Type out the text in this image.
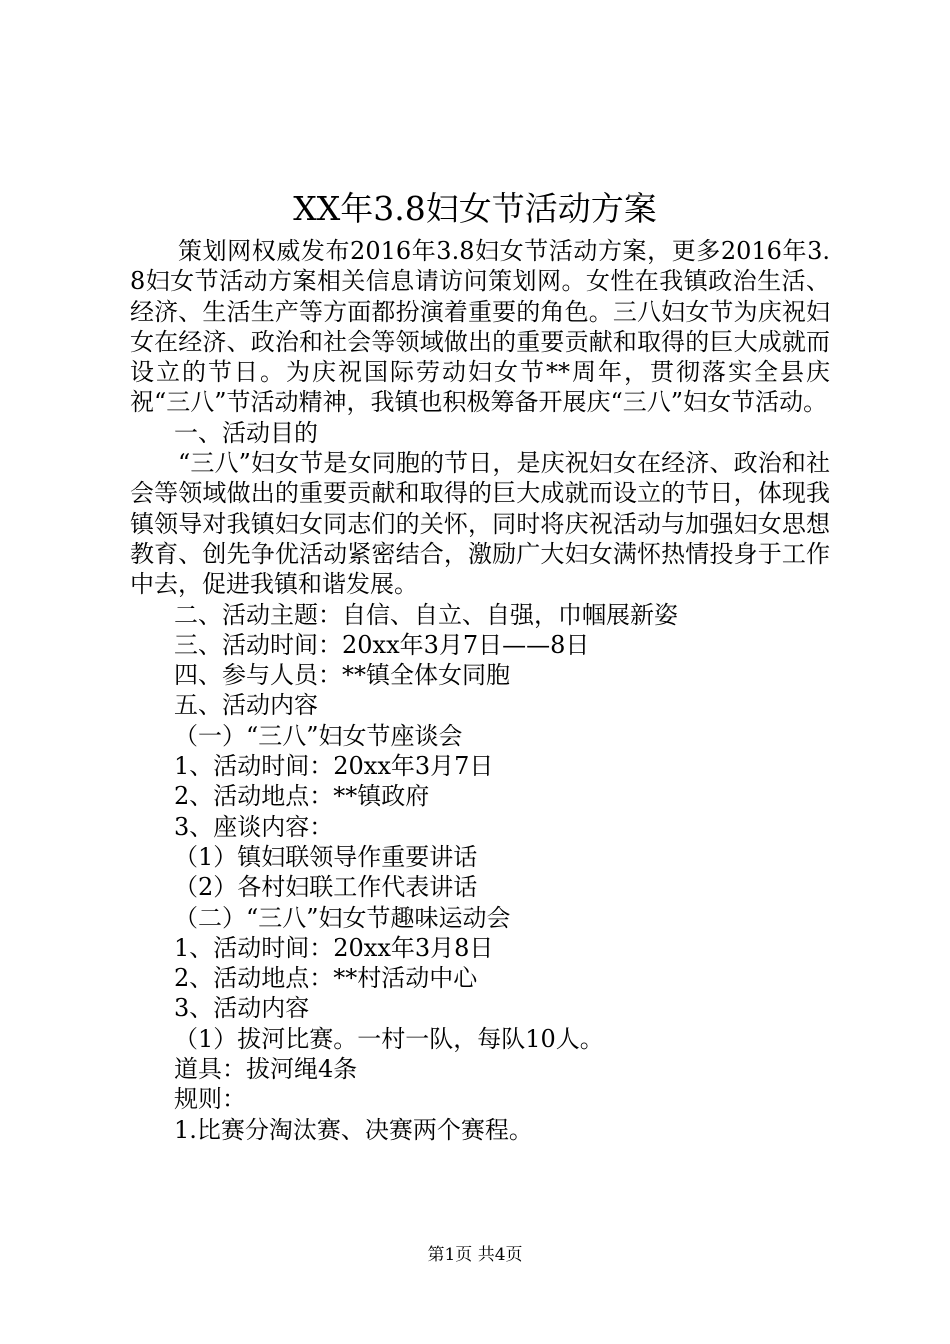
XX年3.8妇女节活动方案

策划网权威发布2016年3.8妇女节活动方案，更多2016年3.8妇女节活动方案相关信息请访问策划网。女性在我镇政治生活、经济、生活生产等方面都扮演着重要的角色。三八妇女节为庆祝妇女在经济、政治和社会等领域做出的重要贡献和取得的巨大成就而设立的节日。为庆祝国际劳动妇女节**周年，贯彻落实全县庆祝“三八”节活动精神，我镇也积极筹备开展庆“三八”妇女节活动。

一、活动目的

“三八”妇女节是女同胞的节日，是庆祝妇女在经济、政治和社会等领域做出的重要贡献和取得的巨大成就而设立的节日，体现我镇领导对我镇妇女同志们的关怀，同时将庆祝活动与加强妇女思想教育、创先争优活动紧密结合，激励广大妇女满怀热情投身于工作中去，促进我镇和谐发展。

二、活动主题：自信、自立、自强，巾帼展新姿

三、活动时间：20xx年3月7日——8日

四、参与人员：**镇全体女同胞

五、活动内容

（一）“三八”妇女节座谈会

1、活动时间：20xx年3月7日

2、活动地点：**镇政府

3、座谈内容：

（1）镇妇联领导作重要讲话

（2）各村妇联工作代表讲话

（二）“三八”妇女节趣味运动会

1、活动时间：20xx年3月8日

2、活动地点：**村活动中心

3、活动内容

（1）拔河比赛。一村一队，每队10人。

道具：拔河绳4条

规则：

1.比赛分淘汰赛、决赛两个赛程。

第1页 共4页
